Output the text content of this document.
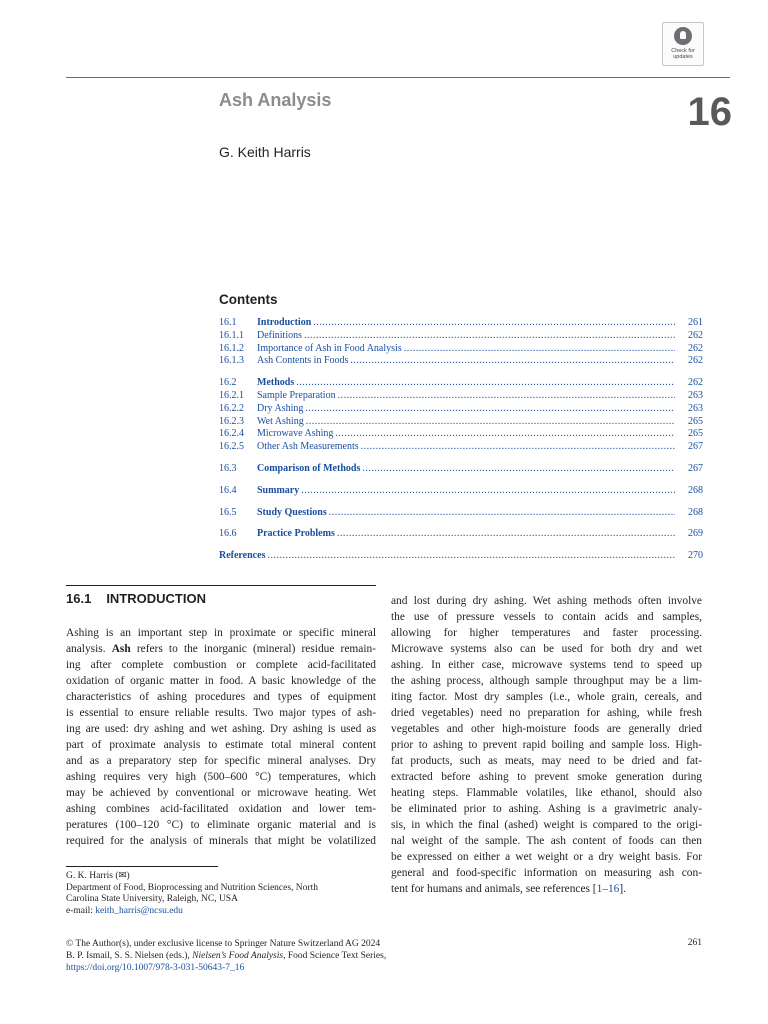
Check for
updates
Ash Analysis	16
G. Keith Harris
Contents
16.1	Introduction .....	261
16.1.1	Definitions .....	262
16.1.2	Importance of Ash in Food Analysis .....	262
16.1.3	Ash Contents in Foods .....	262
16.2	Methods .....	262
16.2.1	Sample Preparation .....	263
16.2.2	Dry Ashing .....	263
16.2.3	Wet Ashing .....	265
16.2.4	Microwave Ashing .....	265
16.2.5	Other Ash Measurements .....	267
16.3	Comparison of Methods .....	267
16.4	Summary .....	268
16.5	Study Questions .....	268
16.6	Practice Problems .....	269
References .....	270
16.1 INTRODUCTION
Ashing is an important step in proximate or specific mineral
analysis. Ash refers to the inorganic (mineral) residue remain-
ing after complete combustion or complete acid-facilitated
oxidation of organic matter in food. A basic knowledge of the
characteristics of ashing procedures and types of equipment
is essential to ensure reliable results. Two major types of ash-
ing are used: dry ashing and wet ashing. Dry ashing is used as
part of proximate analysis to estimate total mineral content
and as a preparatory step for specific mineral analyses. Dry
ashing requires very high (500–600 °C) temperatures, which
may be achieved by conventional or microwave heating. Wet
ashing combines acid-facilitated oxidation and lower tem-
peratures (100–120 °C) to eliminate organic material and is
required for the analysis of minerals that might be volatilized
and lost during dry ashing. Wet ashing methods often involve
the use of pressure vessels to contain acids and samples,
allowing for higher temperatures and faster processing.
Microwave systems also can be used for both dry and wet
ashing. In either case, microwave systems tend to speed up
the ashing process, although sample throughput may be a lim-
iting factor. Most dry samples (i.e., whole grain, cereals, and
dried vegetables) need no preparation for ashing, while fresh
vegetables and other high-moisture foods are generally dried
prior to ashing to prevent rapid boiling and sample loss. High-
fat products, such as meats, may need to be dried and fat-
extracted before ashing to prevent smoke generation during
heating steps. Flammable volatiles, like ethanol, should also
be eliminated prior to ashing. Ashing is a gravimetric analy-
sis, in which the final (ashed) weight is compared to the origi-
nal weight of the sample. The ash content of foods can then
be expressed on either a wet weight or a dry weight basis. For
general and food-specific information on measuring ash con-
tent for humans and animals, see references [1–16].
G. K. Harris (✉)
Department of Food, Bioprocessing and Nutrition Sciences, North
Carolina State University, Raleigh, NC, USA
e-mail: keith_harris@ncsu.edu
© The Author(s), under exclusive license to Springer Nature Switzerland AG 2024
B. P. Ismail, S. S. Nielsen (eds.), Nielsen’s Food Analysis, Food Science Text Series,
https://doi.org/10.1007/978-3-031-50643-7_16
261
